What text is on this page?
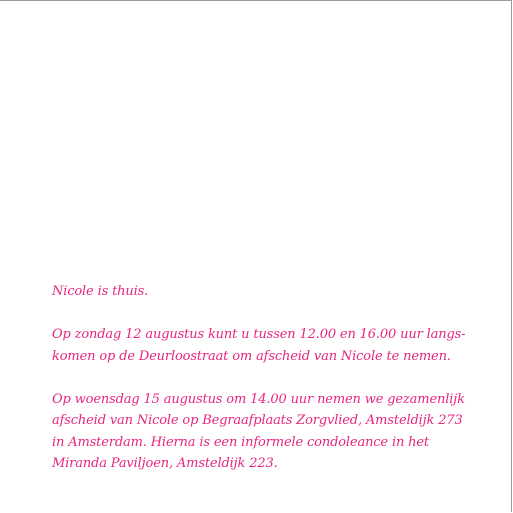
Nicole is thuis.

Op zondag 12 augustus kunt u tussen 12.00 en 16.00 uur langs-
komen op de Deurloostraat om afscheid van Nicole te nemen.

Op woensdag 15 augustus om 14.00 uur nemen we gezamenlijk
afscheid van Nicole op Begraafplaats Zorgvlied, Amsteldijk 273
in Amsterdam. Hierna is een informele condoleance in het
Miranda Paviljoen, Amsteldijk 223.
